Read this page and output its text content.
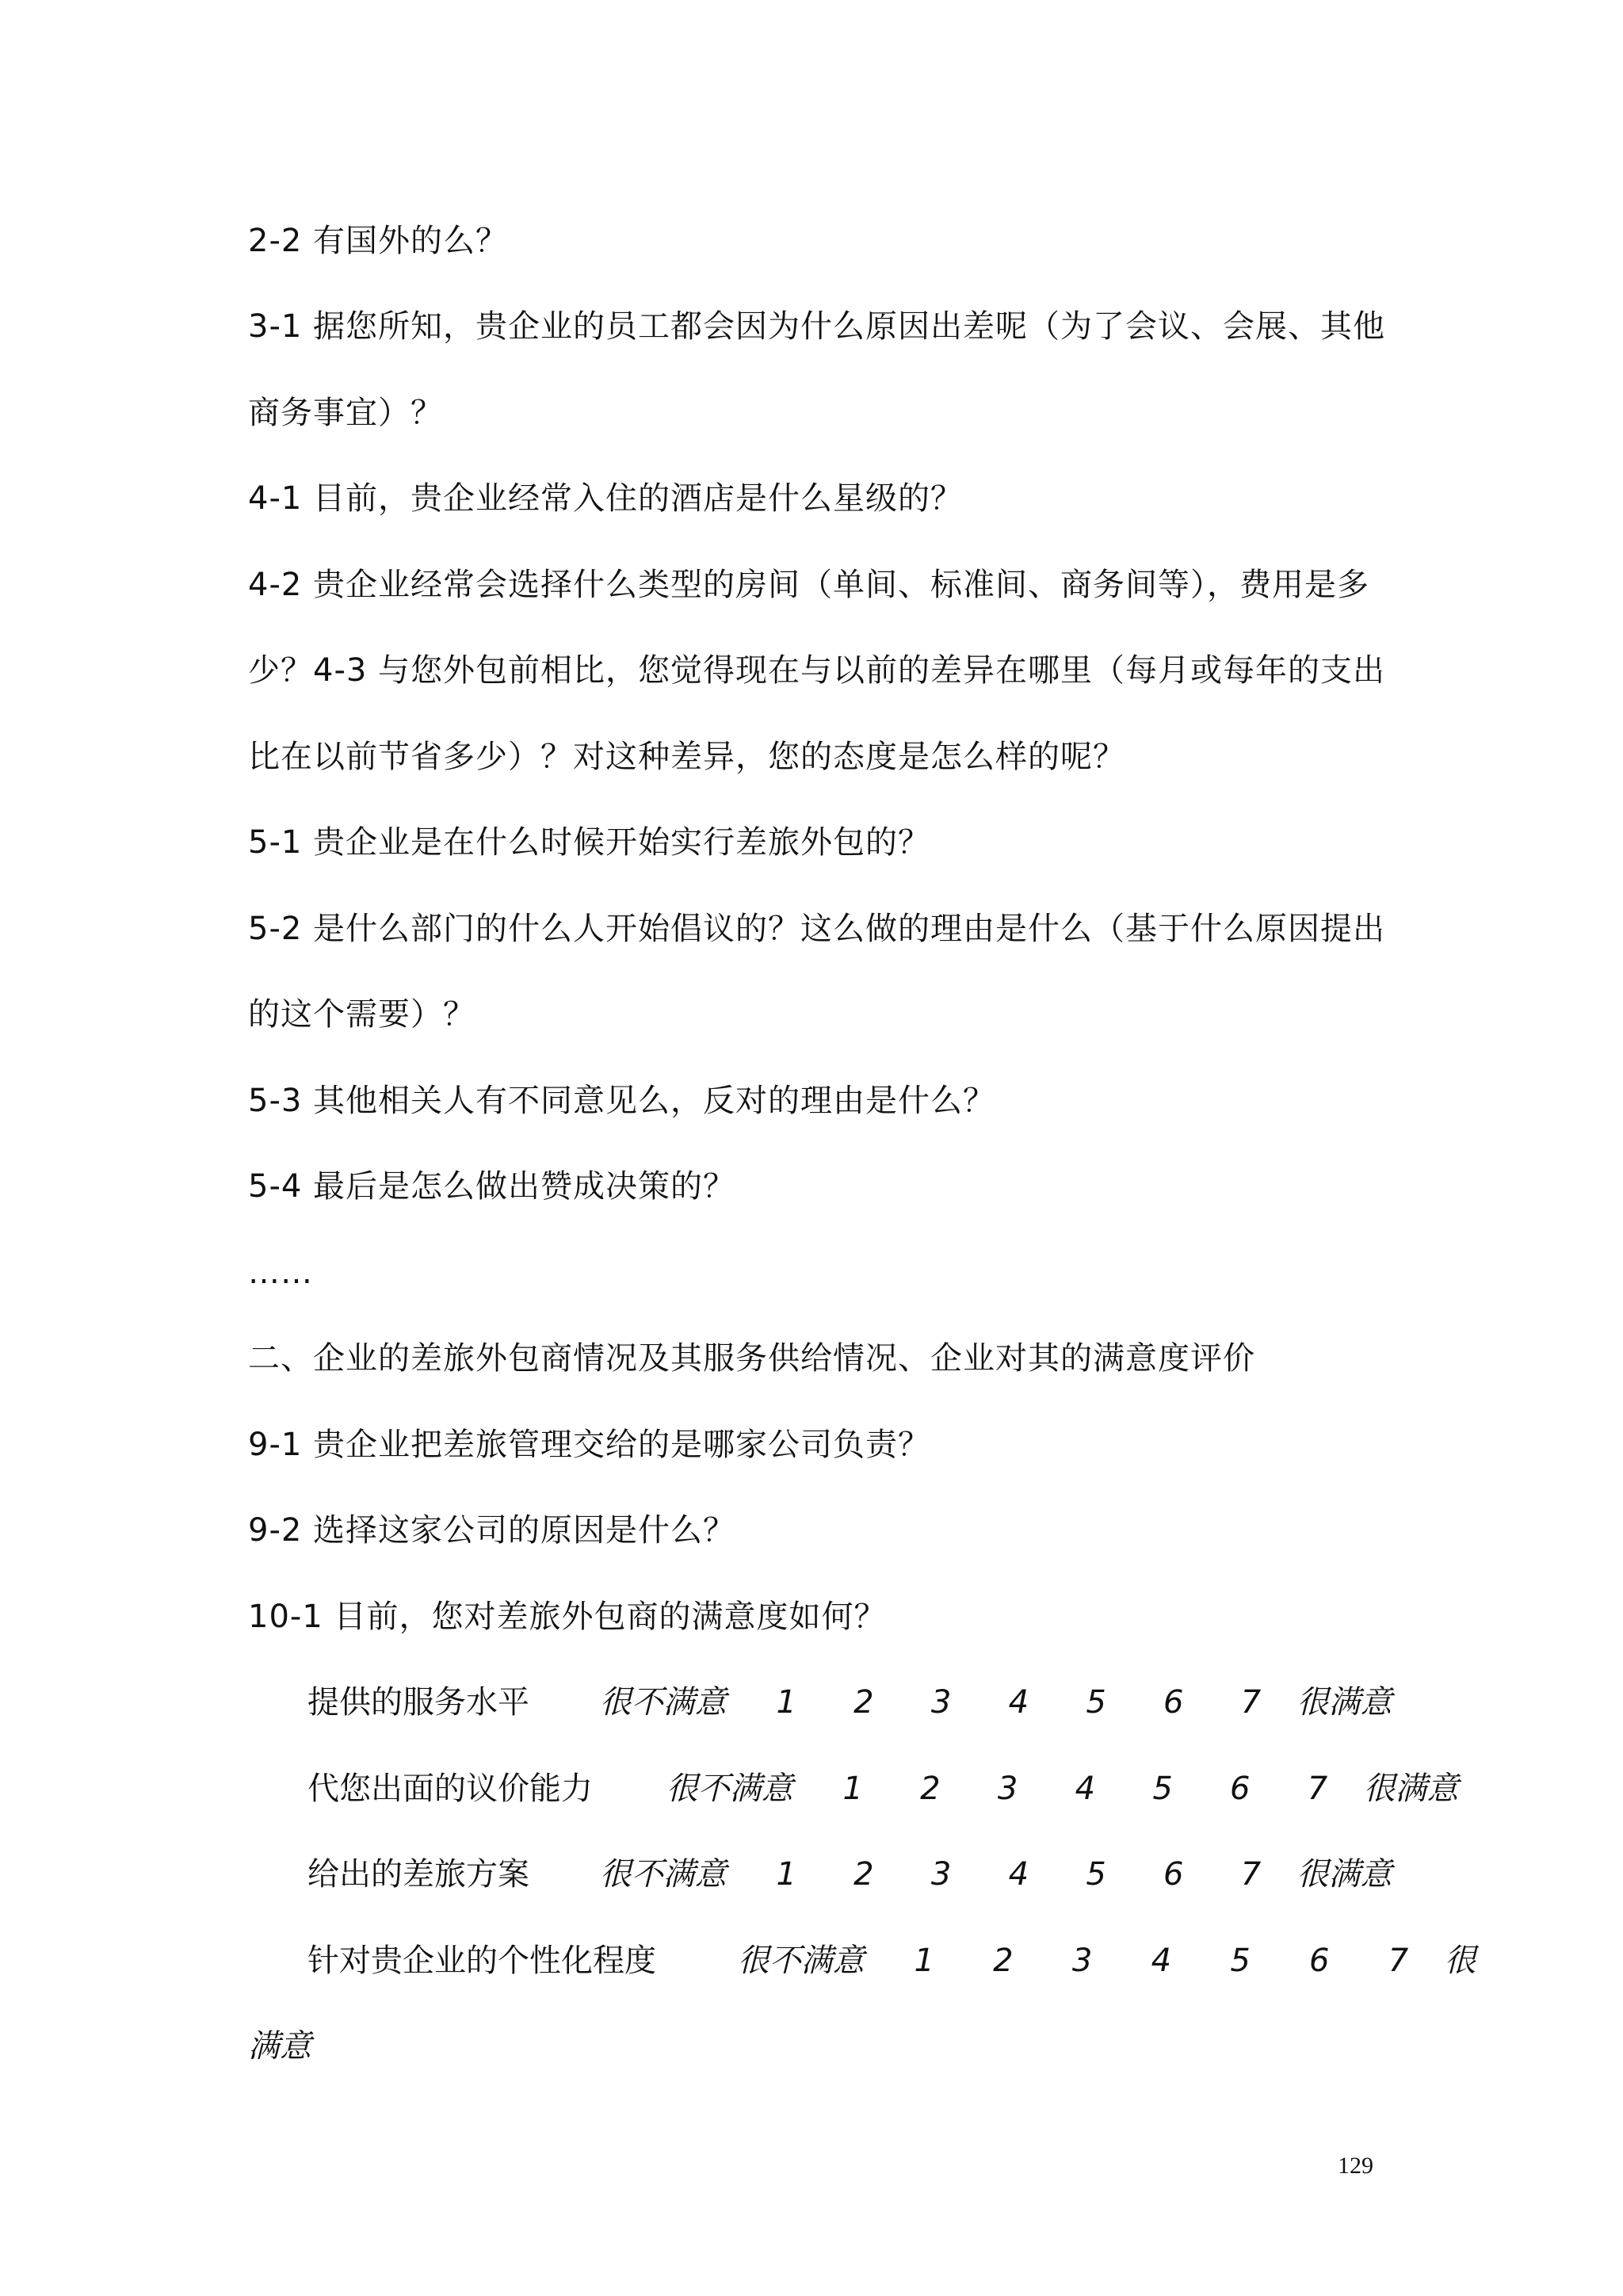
2-2 有国外的么？
3-1 据您所知，贵企业的员工都会因为什么原因出差呢（为了会议、会展、其他
商务事宜）？
4-1 目前，贵企业经常入住的酒店是什么星级的？
4-2 贵企业经常会选择什么类型的房间（单间、标准间、商务间等），费用是多
少？4-3 与您外包前相比，您觉得现在与以前的差异在哪里（每月或每年的支出
比在以前节省多少）？对这种差异，您的态度是怎么样的呢？
5-1 贵企业是在什么时候开始实行差旅外包的？
5-2 是什么部门的什么人开始倡议的？这么做的理由是什么（基于什么原因提出
的这个需要）？
5-3 其他相关人有不同意见么，反对的理由是什么？
5-4 最后是怎么做出赞成决策的？
……
二、企业的差旅外包商情况及其服务供给情况、企业对其的满意度评价
9-1 贵企业把差旅管理交给的是哪家公司负责？
9-2 选择这家公司的原因是什么？
10-1 目前，您对差旅外包商的满意度如何？
提供的服务水平 很不满意 1 2 3 4 5 6 7 很满意
代您出面的议价能力 很不满意 1 2 3 4 5 6 7 很满意
给出的差旅方案 很不满意 1 2 3 4 5 6 7 很满意
针对贵企业的个性化程度	很不满意 1 2 3 4 5 6 7 很
满意
129
